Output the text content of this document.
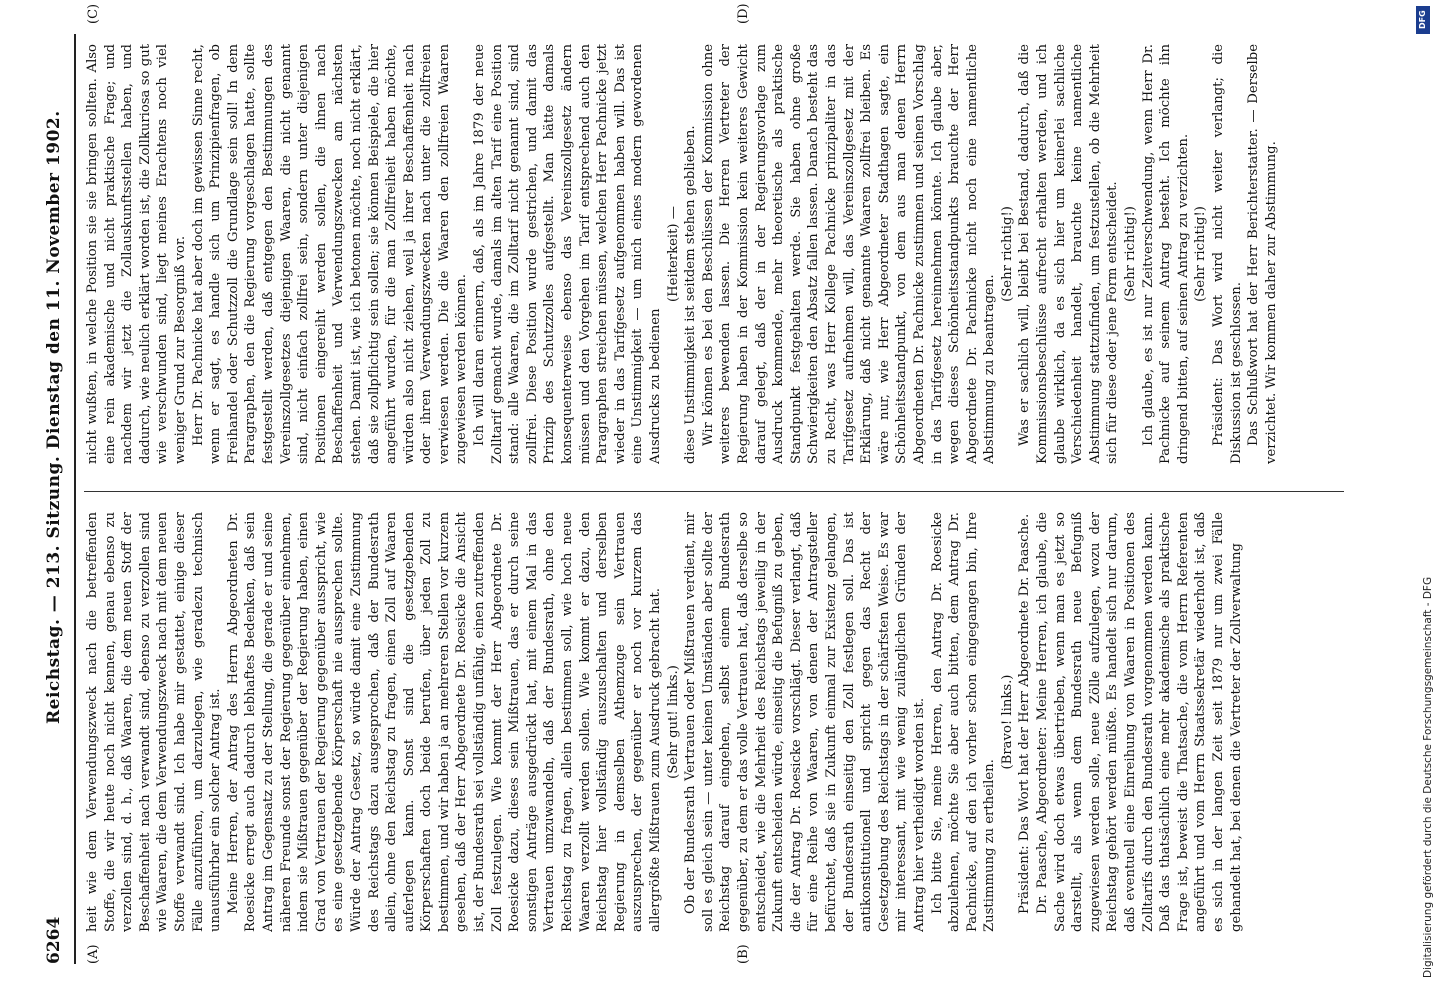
6264
Reichstag. — 213. Sitzung. Dienstag den 11. November 1902.
(A)	(B)
(C)	(D)

heit wie dem Verwendungszweck nach die betreffenden Stoffe, die wir heute noch nicht kennen, genau ebenso zu verzollen sind, d. h., daß Waaren, die dem neuen Stoff der Beschaffenheit nach verwandt sind, ebenso zu verzollen sind wie Waaren, die dem Verwendungszweck nach mit dem neuen Stoffe verwandt sind. Ich habe mir gestattet, einige dieser Fälle anzuführen, um darzulegen, wie geradezu technisch unausführbar ein solcher Antrag ist. Meine Herren, der Antrag des Herrn Abgeordneten Dr. Roesicke erregt auch dadurch lebhaftes Bedenken, daß sein Antrag im Gegensatz zu der Stellung, die gerade er und seine näheren Freunde sonst der Regierung gegenüber einnehmen, indem sie Mißtrauen gegenüber der Regierung haben, einen Grad von Vertrauen der Regierung gegenüber ausspricht, wie es eine gesetzgebende Körperschaft nie aussprechen sollte. Würde der Antrag Gesetz, so würde damit eine Zustimmung des Reichstags dazu ausgesprochen, daß der Bundesrath allein, ohne den Reichstag zu fragen, einen Zoll auf Waaren auferlegen kann. Sonst sind die gesetzgebenden Körperschaften doch beide berufen, über jeden Zoll zu bestimmen, und wir haben ja an mehreren Stellen vor kurzem gesehen, daß der Herr Abgeordnete Dr. Roesicke die Ansicht ist, der Bundesrath sei vollständig unfähig, einen zutreffenden Zoll festzulegen. Wie kommt der Herr Abgeordnete Dr. Roesicke dazu, dieses sein Mißtrauen, das er durch seine sonstigen Anträge ausgedrückt hat, mit einem Mal in das Vertrauen umzuwandeln, daß der Bundesrath, ohne den Reichstag zu fragen, allein bestimmen soll, wie hoch neue Waaren verzollt werden sollen. Wie kommt er dazu, den Reichstag hier vollständig auszuschalten und derselben Regierung in demselben Athemzuge sein Vertrauen auszusprechen, der gegenüber er noch vor kurzem das allergrößte Mißtrauen zum Ausdruck gebracht hat. (Sehr gut! links.) Ob der Bundesrath Vertrauen oder Mißtrauen verdient, mir soll es gleich sein — unter keinen Umständen aber sollte der Reichstag darauf eingehen, selbst einem Bundesrath gegenüber, zu dem er das volle Vertrauen hat, daß derselbe so entscheidet, wie die Mehrheit des Reichstags jeweilig in der Zukunft entscheiden würde, einseitig die Befugniß zu geben, die der Antrag Dr. Roesicke vorschlägt. Dieser verlangt, daß für eine Reihe von Waaren, von denen der Antragsteller befürchtet, daß sie in Zukunft einmal zur Existenz gelangen, der Bundesrath einseitig den Zoll festlegen soll. Das ist antikonstitutionell und spricht gegen das Recht der Gesetzgebung des Reichstags in der schärfsten Weise. Es war mir interessant, mit wie wenig zulänglichen Gründen der Antrag hier vertheidigt worden ist. Ich bitte Sie, meine Herren, den Antrag Dr. Roesicke abzulehnen, möchte Sie aber auch bitten, dem Antrag Dr. Pachnicke, auf den ich vorher schon eingegangen bin, Ihre Zustimmung zu ertheilen.

(Bravo! links.) Präsident: Das Wort hat der Herr Abgeordnete Dr. Paasche. Dr. Paasche, Abgeordneter: Meine Herren, ich glaube, die Sache wird doch etwas übertrieben, wenn man es jetzt so darstellt, als wenn dem Bundesrath neue Befugniß zugewiesen werden solle, neue Zölle aufzulegen, wozu der Reichstag gehört werden müßte. Es handelt sich nur darum, daß eventuell eine Einreihung von Waaren in Positionen des Zolltarifs durch den Bundesrath vorgenommen werden kann. Daß das thatsächlich eine mehr akademische als praktische Frage ist, beweist die Thatsache, die vom Herrn Referenten angeführt und vom Herrn Staatssekretär wiederholt ist, daß es sich in der langen Zeit seit 1879 nur um zwei Fälle gehandelt hat, bei denen die Vertreter der Zollverwaltung

nicht wußten, in welche Position sie sie bringen sollten. Also eine rein akademische und nicht praktische Frage; und nachdem wir jetzt die Zollauskunftsstellen haben, und dadurch, wie neulich erklärt worden ist, die Zollkuriosa so gut wie verschwunden sind, liegt meines Erachtens noch viel weniger Grund zur Besorgniß vor. Herr Dr. Pachnicke hat aber doch im gewissen Sinne recht, wenn er sagt, es handle sich um Prinzipienfragen, ob Freihandel oder Schutzzoll die Grundlage sein soll! In dem Paragraphen, den die Regierung vorgeschlagen hatte, sollte festgestellt werden, daß entgegen den Bestimmungen des Vereinszollgesetzes diejenigen Waaren, die nicht genannt sind, nicht einfach zollfrei sein, sondern unter diejenigen Positionen eingereiht werden sollen, die ihnen nach Beschaffenheit und Verwendungszwecken am nächsten stehen. Damit ist, wie ich betonen möchte, noch nicht erklärt, daß sie zollpflichtig sein sollen; sie können Beispiele, die hier angeführt wurden, für die man Zollfreiheit haben möchte, würden also nicht ziehen, weil ja ihrer Beschaffenheit nach oder ihren Verwendungszwecken nach unter die zollfreien verwiesen werden. Die die Waaren den zollfreien Waaren zugewiesen werden können. Ich will daran erinnern, daß, als im Jahre 1879 der neue Zolltarif gemacht wurde, damals im alten Tarif eine Position stand: alle Waaren, die im Zolltarif nicht genannt sind, sind zollfrei. Diese Position wurde gestrichen, und damit das Prinzip des Schutzzolles aufgestellt. Man hätte damals konsequenterweise ebenso das Vereinszollgesetz ändern müssen und den Vorgehen im Tarif entsprechend auch den Paragraphen streichen müssen, welchen Herr Pachnicke jetzt wieder in das Tarifgesetz aufgenommen haben will. Das ist eine Unstimmigkeit — um mich eines modern gewordenen Ausdrucks zu bedienen

(Heiterkeit) — diese Unstimmigkeit ist seitdem stehen geblieben. Wir können es bei den Beschlüssen der Kommission ohne weiteres bewenden lassen. Die Herren Vertreter der Regierung haben in der Kommission kein weiteres Gewicht darauf gelegt, daß der in der Regierungsvorlage zum Ausdruck kommende, mehr theoretische als praktische Standpunkt festgehalten werde. Sie haben ohne große Schwierigkeiten den Absatz fallen lassen. Danach besteht das zu Recht, was Herr Kollege Pachnicke prinzipaliter in das Tarifgesetz aufnehmen will, das Vereinszollgesetz mit der Erklärung, daß nicht genannte Waaren zollfrei bleiben. Es wäre nur, wie Herr Abgeordneter Stadthagen sagte, ein Schönheitsstandpunkt, von dem aus man denen Herrn Abgeordneten Dr. Pachnicke zustimmen und seinen Vorschlag in das Tarifgesetz hereinnehmen könnte. Ich glaube aber, wegen dieses Schönheitsstandpunkts brauchte der Herr Abgeordnete Dr. Pachnicke nicht noch eine namentliche Abstimmung zu beantragen.

(Sehr richtig!) Was er sachlich will, bleibt bei Bestand, dadurch, daß die Kommissionsbeschlüsse aufrecht erhalten werden, und ich glaube wirklich, da es sich hier um keinerlei sachliche Verschiedenheit handelt, brauchte keine namentliche Abstimmung stattzufinden, um festzustellen, ob die Mehrheit sich für diese oder jene Form entscheidet. (Sehr richtig!) Ich glaube, es ist nur Zeitverschwendung, wenn Herr Dr. Pachnicke auf seinem Antrag besteht. Ich möchte ihn dringend bitten, auf seinen Antrag zu verzichten. (Sehr richtig!) Präsident: Das Wort wird nicht weiter verlangt; die Diskussion ist geschlossen. Das Schlußwort hat der Herr Berichterstatter. — Derselbe verzichtet. Wir kommen daher zur Abstimmung.

Digitalisierung gefördert durch die Deutsche Forschungsgemeinschaft - DFG
DFG
